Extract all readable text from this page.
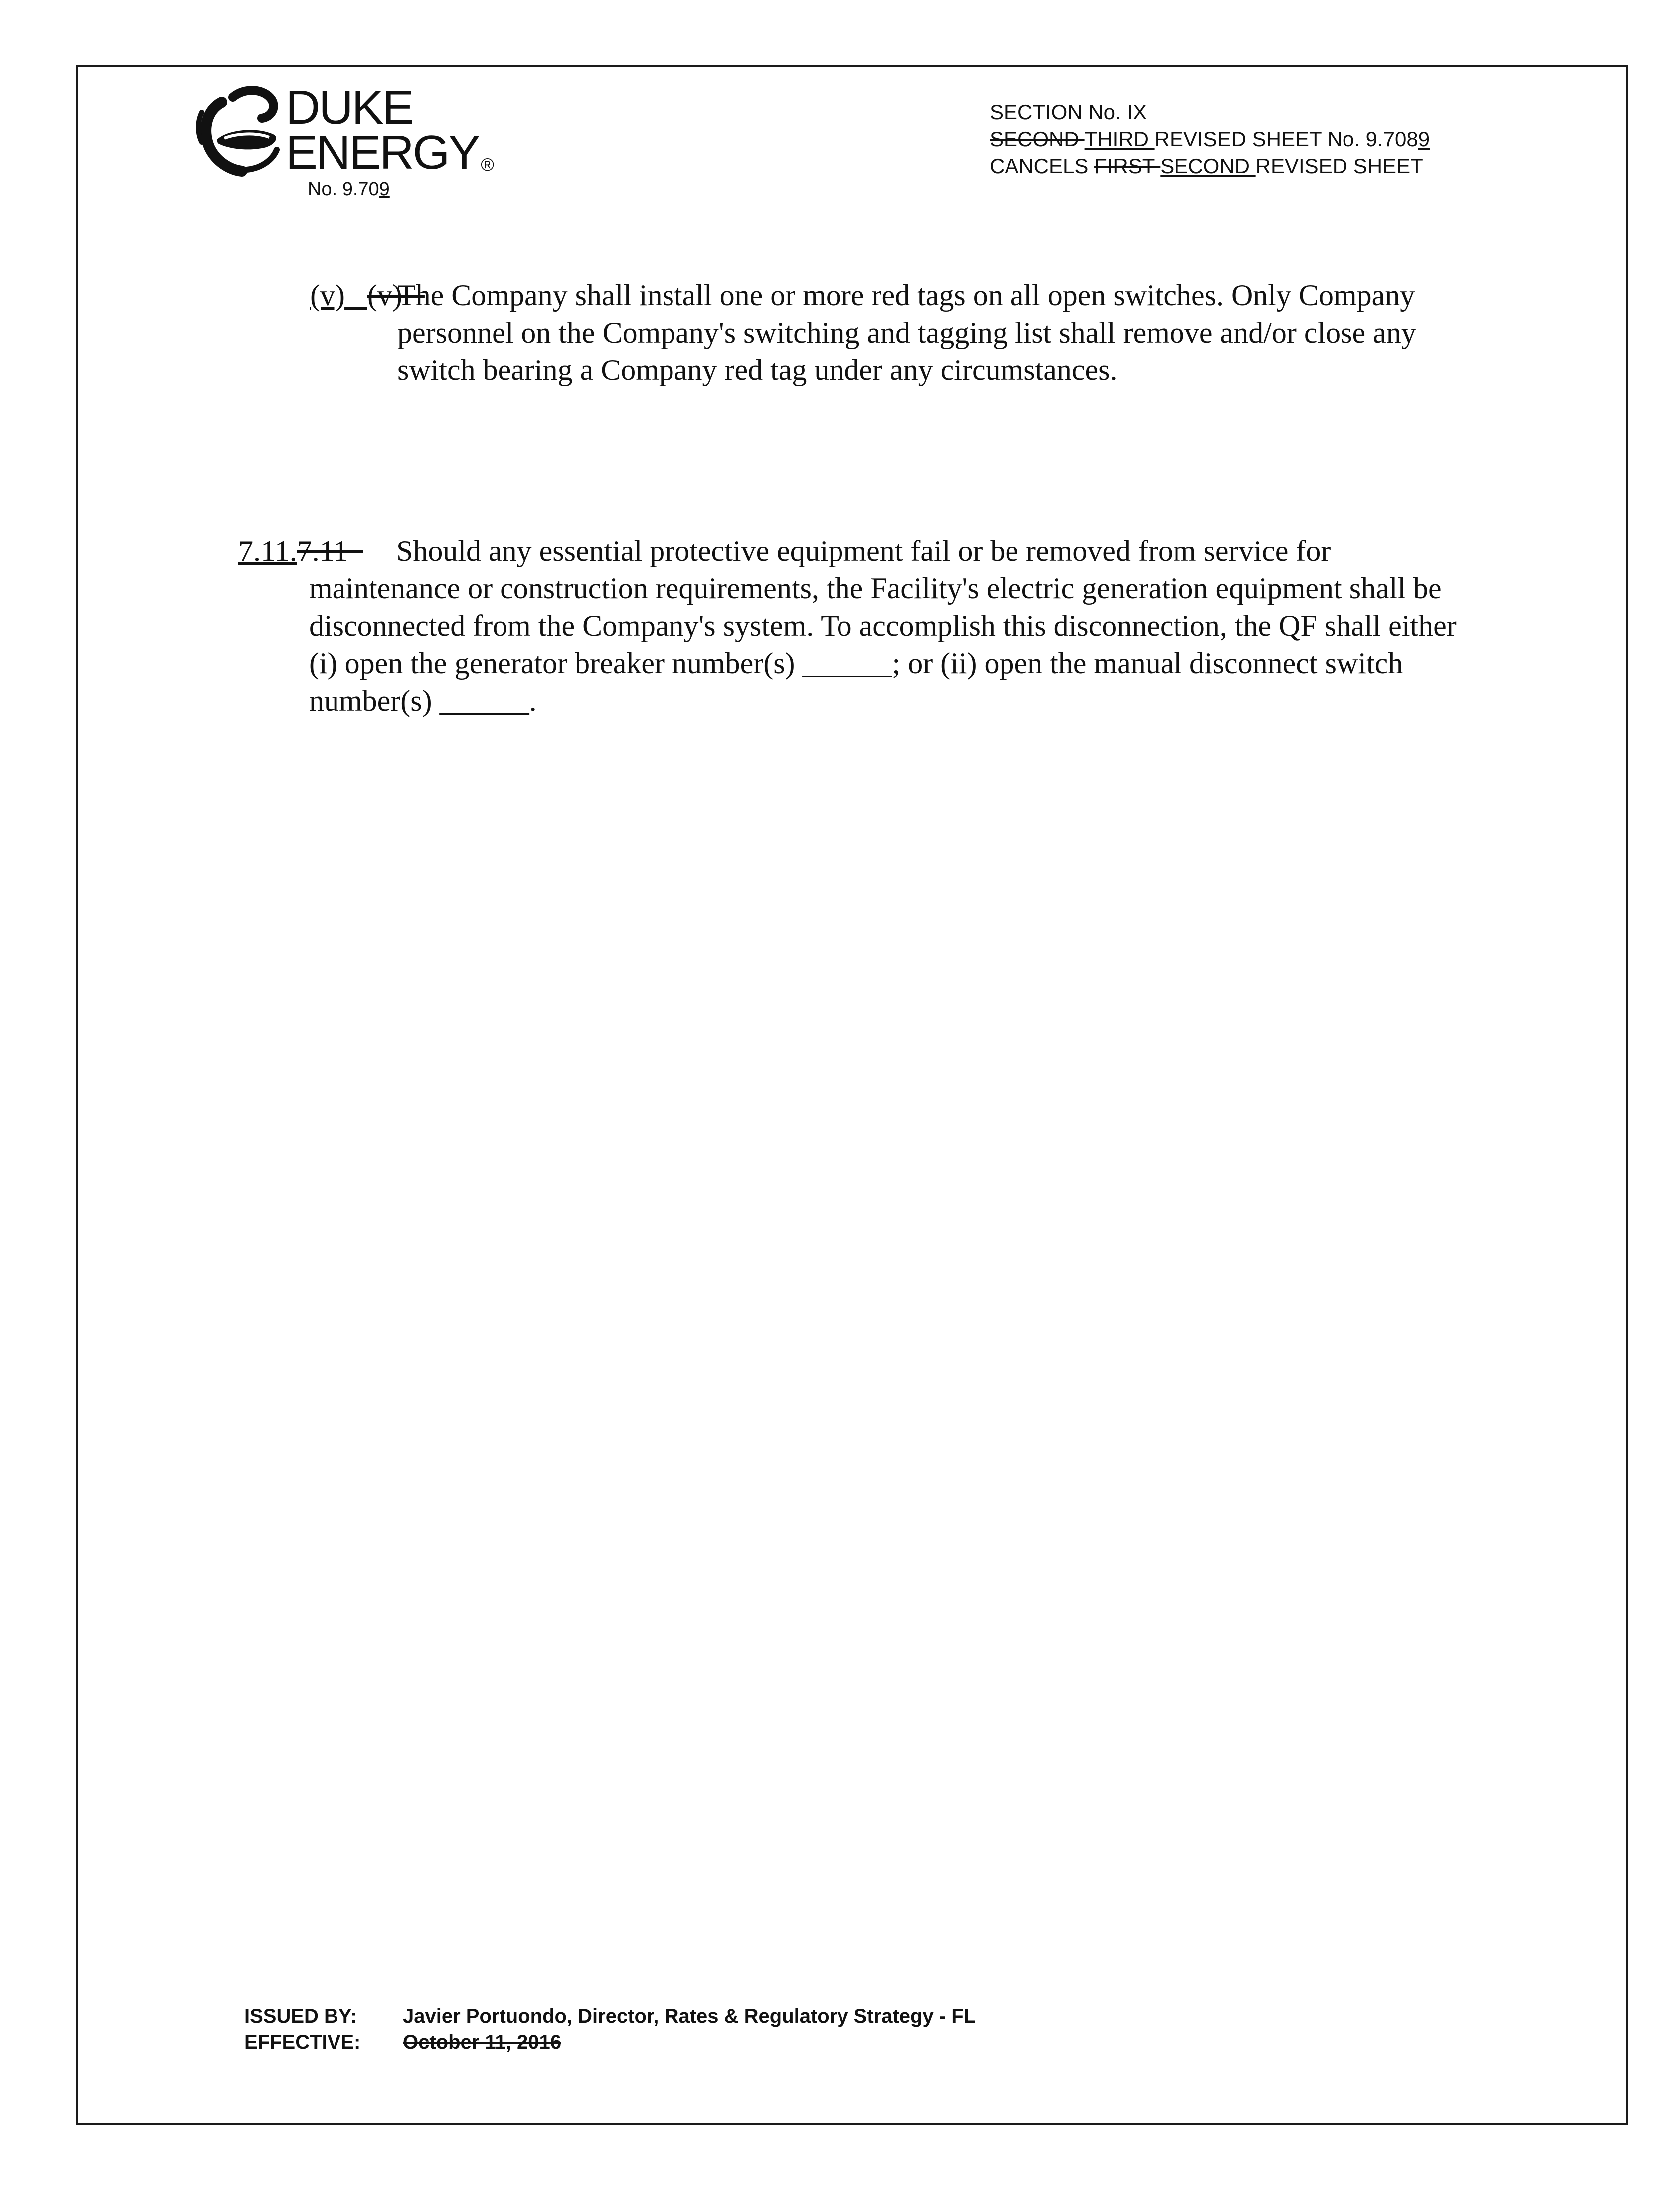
DUKE
ENERGY ®
No. 9.709
SECTION No. IX
SECOND THIRD REVISED SHEET No. 9.7089
CANCELS FIRST SECOND REVISED SHEET
(v) (v)
The Company shall install one or more red tags on all open switches. Only Company personnel on the Company's switching and tagging list shall remove and/or close any switch bearing a Company red tag under any circumstances.
7.11.7.11	Should any essential protective equipment fail or be removed from service for maintenance or construction requirements, the Facility's electric generation equipment shall be disconnected from the Company's system. To accomplish this disconnection, the QF shall either (i) open the generator breaker number(s) ______; or (ii) open the manual disconnect switch number(s) ______.
ISSUED BY: Javier Portuondo, Director, Rates & Regulatory Strategy - FL
EFFECTIVE: October 11, 2016
